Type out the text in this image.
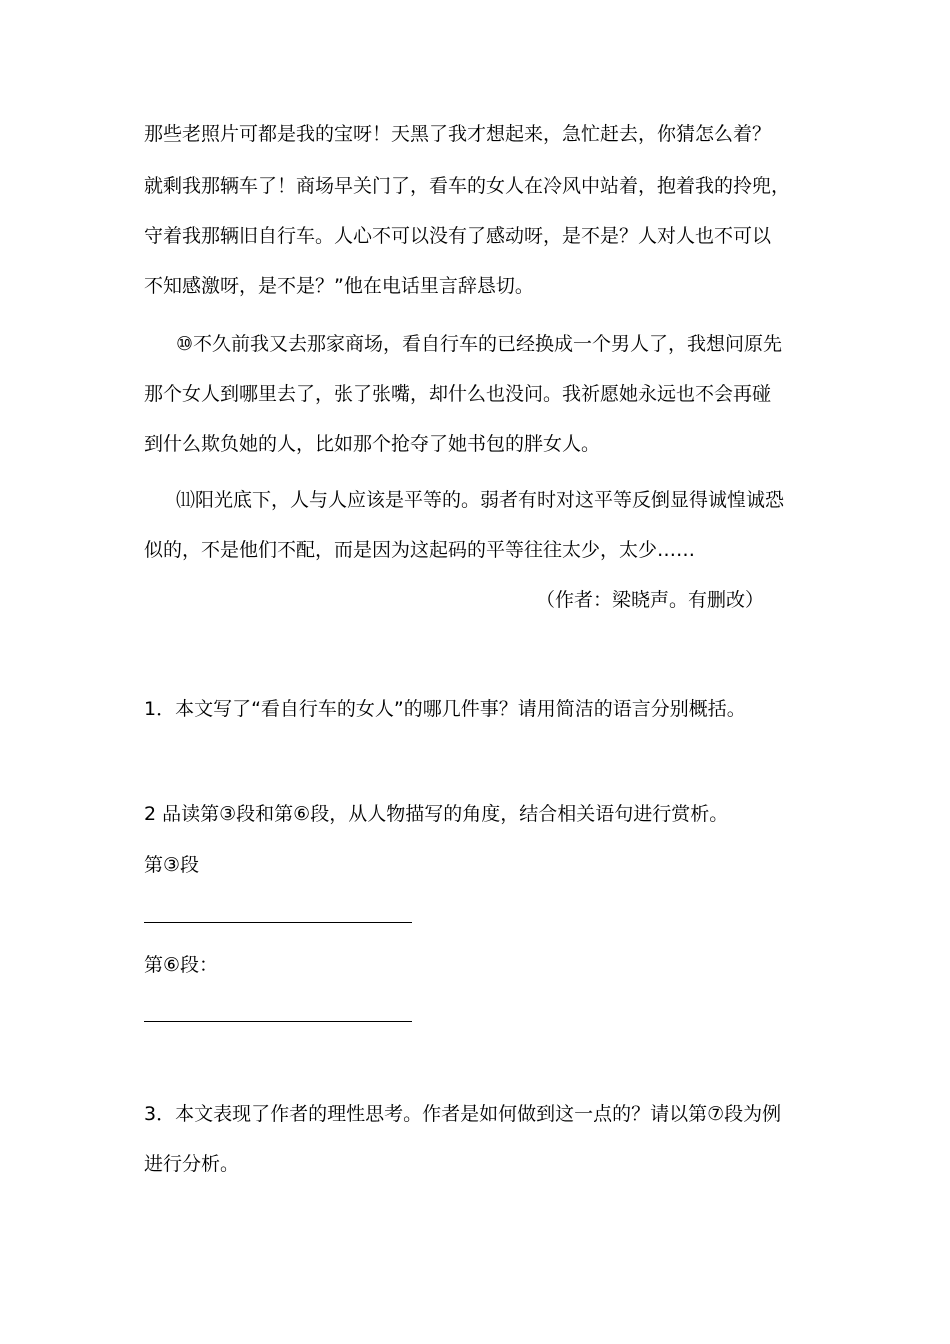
那些老照片可都是我的宝呀！天黑了我才想起来，急忙赶去，你猜怎么着？
就剩我那辆车了！商场早关门了，看车的女人在冷风中站着，抱着我的拎兜，
守着我那辆旧自行车。人心不可以没有了感动呀，是不是？人对人也不可以
不知感激呀，是不是？”他在电话里言辞恳切。
⑩不久前我又去那家商场，看自行车的已经换成一个男人了，我想问原先
那个女人到哪里去了，张了张嘴，却什么也没问。我祈愿她永远也不会再碰
到什么欺负她的人，比如那个抢夺了她书包的胖女人。
⑾阳光底下，人与人应该是平等的。弱者有时对这平等反倒显得诚惶诚恐
似的，不是他们不配，而是因为这起码的平等往往太少，太少……
（作者：梁晓声。有删改）
1．本文写了“看自行车的女人”的哪几件事？请用简洁的语言分别概括。
2 品读第③段和第⑥段，从人物描写的角度，结合相关语句进行赏析。
第③段
第⑥段：
3．本文表现了作者的理性思考。作者是如何做到这一点的？请以第⑦段为例
进行分析。
